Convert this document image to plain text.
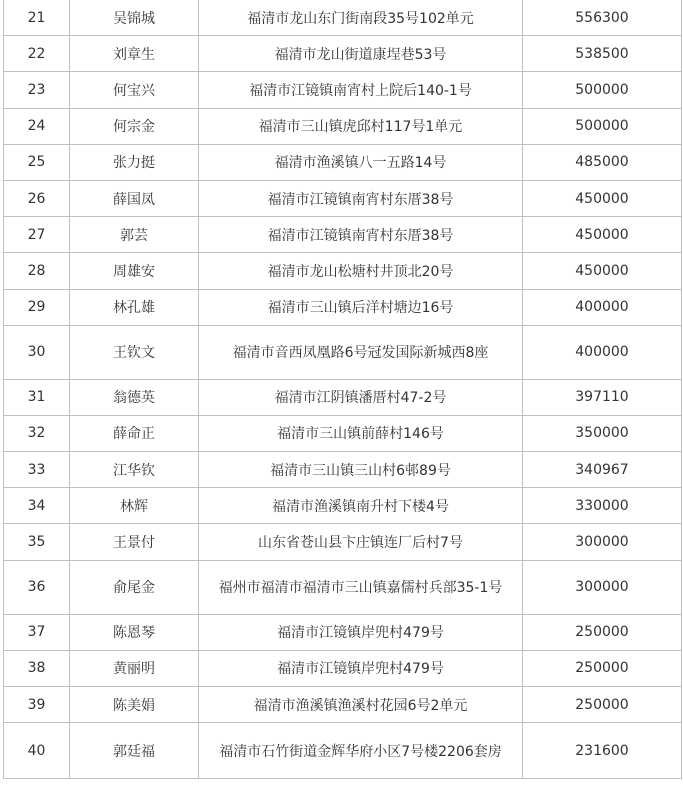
21	吴锦城	福清市龙山东门街南段35号102单元	556300
22	刘章生	福清市龙山街道康埕巷53号	538500
23	何宝兴	福清市江镜镇南宵村上院后140-1号	500000
24	何宗金	福清市三山镇虎邱村117号1单元	500000
25	张力挺	福清市渔溪镇八一五路14号	485000
26	薛国凤	福清市江镜镇南宵村东厝38号	450000
27	郭芸	福清市江镜镇南宵村东厝38号	450000
28	周雄安	福清市龙山松塘村井顶北20号	450000
29	林孔雄	福清市三山镇后洋村塘边16号	400000
30	王钦文	福清市音西凤凰路6号冠发国际新城西8座	400000
31	翁德英	福清市江阴镇潘厝村47-2号	397110
32	薛命正	福清市三山镇前薛村146号	350000
33	江华钦	福清市三山镇三山村6邨89号	340967
34	林辉	福清市渔溪镇南升村下楼4号	330000
35	王景付	山东省苍山县卞庄镇连厂后村7号	300000
36	俞尾金	福州市福清市福清市三山镇嘉儒村兵部35-1号	300000
37	陈恩琴	福清市江镜镇岸兜村479号	250000
38	黄丽明	福清市江镜镇岸兜村479号	250000
39	陈美娟	福清市渔溪镇渔溪村花园6号2单元	250000
40	郭廷福	福清市石竹街道金辉华府小区7号楼2206套房	231600
